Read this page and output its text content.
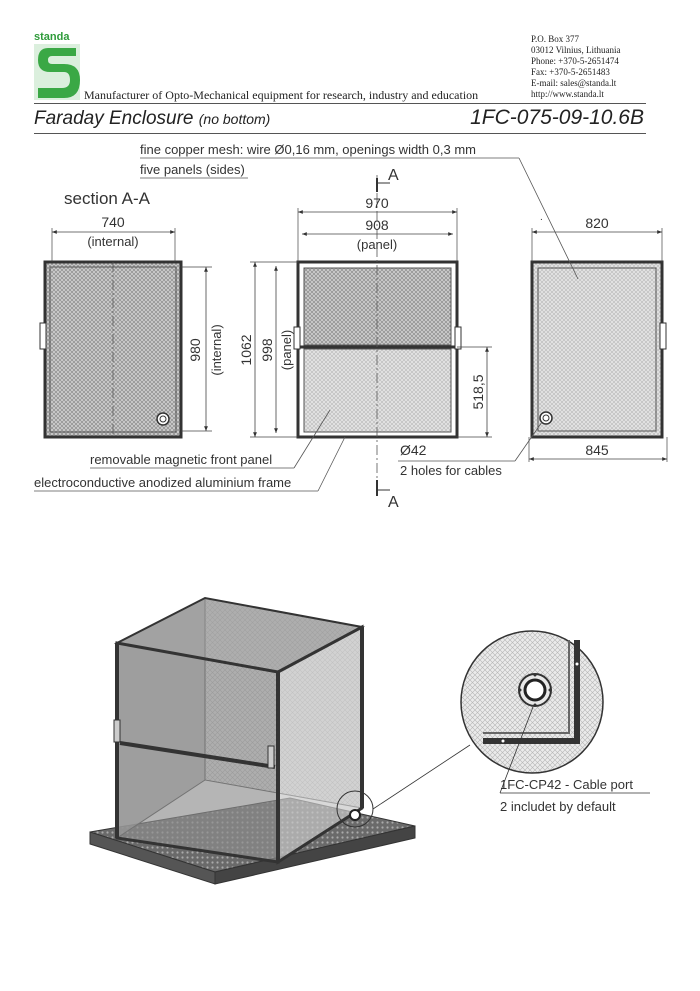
standa
Manufacturer of Opto-Mechanical equipment for research, industry and education
P.O. Box 377
03012 Vilnius, Lithuania
Phone: +370-5-2651474
Fax: +370-5-2651483
E-mail: sales@standa.lt
http://www.standa.lt
Faraday Enclosure (no bottom)	1FC-075-09-10.6B
740
(internal)
980 (internal)
section A-A
A
A
970
908
(panel)
1062 998 (panel)
518,5
820
845
.
fine copper mesh: wire Ø0,16 mm, openings width 0,3 mm
five panels (sides)
removable magnetic front panel
electroconductive anodized aluminium frame
Ø42
2 holes for cables
1FC-CP42 - Cable port
2 includet by default
